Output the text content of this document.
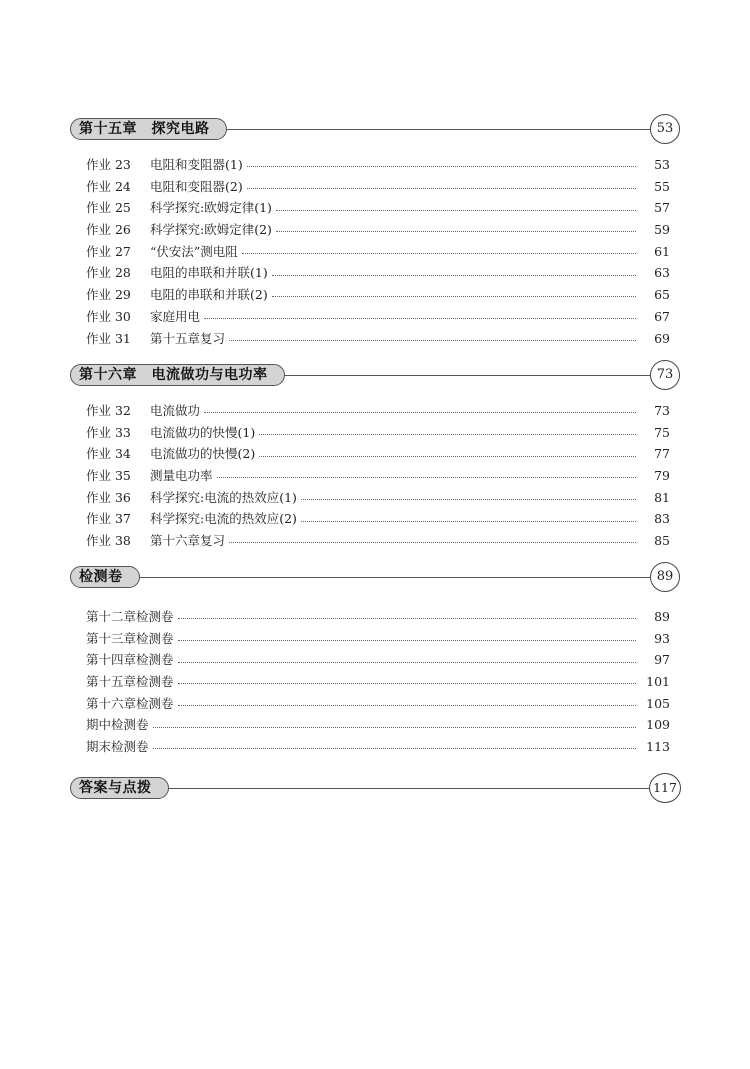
第十五章　探究电路	53
作业 23	电阻和变阻器(1)	53
作业 24	电阻和变阻器(2)	55
作业 25	科学探究:欧姆定律(1)	57
作业 26	科学探究:欧姆定律(2)	59
作业 27	“伏安法”测电阻	61
作业 28	电阻的串联和并联(1)	63
作业 29	电阻的串联和并联(2)	65
作业 30	家庭用电	67
作业 31	第十五章复习	69
第十六章　电流做功与电功率	73
作业 32	电流做功	73
作业 33	电流做功的快慢(1)	75
作业 34	电流做功的快慢(2)	77
作业 35	测量电功率	79
作业 36	科学探究:电流的热效应(1)	81
作业 37	科学探究:电流的热效应(2)	83
作业 38	第十六章复习	85
检测卷	89
第十二章检测卷	89
第十三章检测卷	93
第十四章检测卷	97
第十五章检测卷	101
第十六章检测卷	105
期中检测卷	109
期末检测卷	113
答案与点拨	117
